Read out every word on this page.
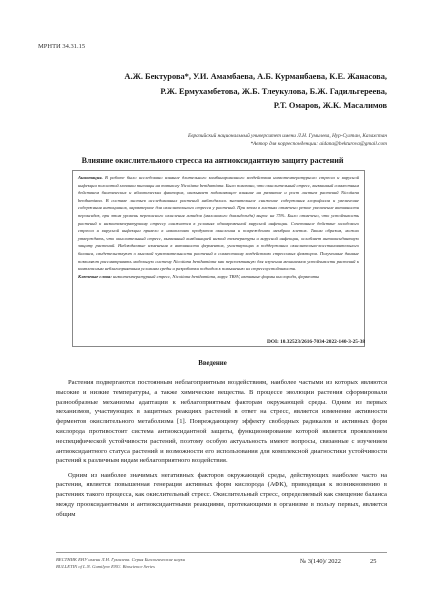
МРНТИ 34.31.15
А.Ж. Бектурова*, У.И. Амамбаева, А.Б. Курманбаева, К.Е. Жанасова,
Р.Ж. Ермухамбетова, Ж.Б. Тлеукулова, Б.Ж. Гадильгереева,
Р.Т. Омаров, Ж.К. Масалимов
Евразийский национальный университет имени Л.Н. Гумилева, Нур-Султан, Казахстан
*Автор для корреспонденции: aidana@bekturova@gmail.com
Влияние окислительного стресса на антиоксидантную защиту растений
Аннотация. В работе было исследовано влияние длительного комбинированного воздействия низкотемпературного стресса и вирусной инфекции полосатой мозаики пшеницы на тапиколу Nicotiana benthamiana. Было показано, что окислительный стресс, вызванный совместным действием биотических и абиотических факторов, оказывает подавляющее влияние на развитие и рост листьев растений Nicotiana benthamiana. В составе листьев исследованных растений наблюдалось значительное снижение содержания хлорофилла и увеличение содержания антоцианов, характерное для окислительного стресса у растений. При этом в листьях отмечено резкое увеличение активности пероксидаз, при этом уровень перекисного окисления липидов (малонового диальдегида) вырос на 75%. Было отмечено, что устойчивость растений к низкотемпературному стрессу снижается в условиях одновременной вирусной инфекции. Сочетанное действие холодового стресса и вирусной инфекции привело к накоплению продуктов окисления и повреждению мембран клеток. Таким образом, можно утверждать, что окислительный стресс, вызванный комбинацией низкой температуры и вирусной инфекции, ослабляет антиоксидантную защиту растений. Наблюдаемые изменения в активности ферментов, участвующих в поддержании окислительно-восстановительного баланса, свидетельствуют о высокой чувствительности растений к совместному воздействию стрессовых факторов. Полученные данные позволяют рассматривать модельную систему Nicotiana benthamiana как перспективную для изучения механизмов устойчивости растений к комплексным неблагоприятным условиям среды и разработки подходов к повышению их стрессоустойчивости.
Ключевые слова: низкотемпературный стресс, Nicotiana benthamiana, вирус TBSV, активные формы кислорода, ферменты
DOI: 10.32523/2616-7034-2022-140-3-25-38
Введение

Растения подвергаются постоянным неблагоприятным воздействиям, наиболее частыми из которых являются высокие и низкие температуры, а также химические вещества. В процессе эволюции растения сформировали разнообразные механизмы адаптации к неблагоприятным факторам окружающей среды. Одним из первых механизмов, участвующих в защитных реакциях растений в ответ на стресс, является изменение активности ферментов окислительного метаболизма [1]. Повреждающему эффекту свободных радикалов и активных форм кислорода противостоит система антиоксидантной защиты, функционирование которой является проявлением неспецифической устойчивости растений, поэтому особую актуальность имеют вопросы, связанные с изучением антиоксидантного статуса растений и возможности его использования для комплексной диагностики устойчивости растений к различным видам неблагоприятного воздействия.

Одним из наиболее значимых негативных факторов окружающей среды, действующих наиболее часто на растения, является повышенная генерация активных форм кислорода (АФК), приводящая к возникновению в растениях такого процесса, как окислительный стресс. Окислительный стресс, определяемый как смещение баланса между прооксидантными и антиоксидантными реакциями, протекающими в организме в пользу первых, является общим

ВЕСТНИК ЕНУ имени Л.Н. Гумилева. Серия Биологические науки
BULLETIN of L.N. Gumilyov ENU. Bioscience Series
№ 3(140)/ 2022	25
